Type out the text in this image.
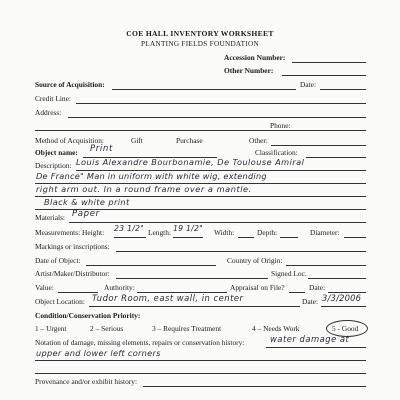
COE HALL INVENTORY WORKSHEET
PLANTING FIELDS FOUNDATION
Accession Number:
Other Number:
Source of Acquisition:	Date:
Credit Line:
Address:
Phone:
Method of Acquisition:	Gift	Purchase	Other:
Object name: Print	Classification:
Description: Louis Alexandre Bourbonamie, De Toulouse Amiral
De France" Man in uniform with white wig, extending
right arm out. In a round frame over a mantle.
Black & white print
Materials: Paper
Measurements: Height: 23 1/2" Length: 19 1/2" Width:	Depth:	Diameter:
Markings or inscriptions:
Date of Object:	Country of Origin:
Artist/Maker/Distributor:	Signed Loc.
Value:	Authority:	Appraisal on File?	Date:
Object Location: Tudor Room, east wall, in center	Date: 3/3/2006
Condition/Conservation Priority:
1 – Urgent	2 – Serious	3 – Requires Treatment	4 – Needs Work	5 - Good
Notation of damage, missing elements, repairs or conservation history:	water damage at
upper and lower left corners
Provenance and/or exhibit history:
